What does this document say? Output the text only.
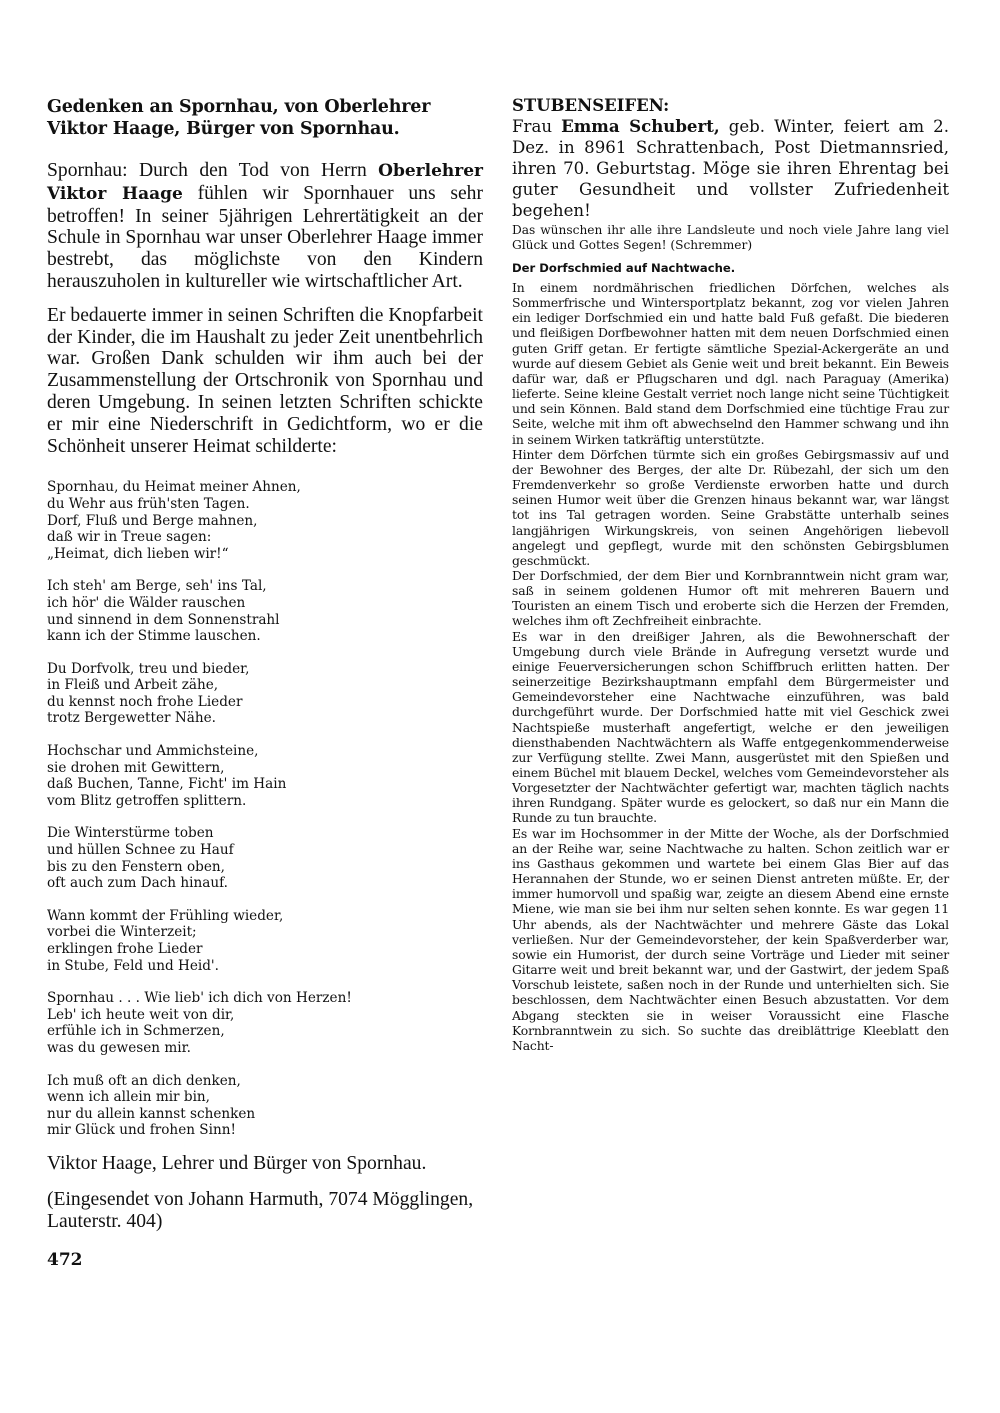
Gedenken an Spornhau, von Oberlehrer Viktor Haage, Bürger von Spornhau.

Spornhau: Durch den Tod von Herrn Oberlehrer Viktor Haage fühlen wir Spornhauer uns sehr betroffen! In seiner 5jährigen Lehrertätigkeit an der Schule in Spornhau war unser Oberlehrer Haage immer bestrebt, das möglichste von den Kindern herauszuholen in kultureller wie wirtschaftlicher Art.

Er bedauerte immer in seinen Schriften die Knopfarbeit der Kinder, die im Haushalt zu jeder Zeit unentbehrlich war. Großen Dank schulden wir ihm auch bei der Zusammenstellung der Ortschronik von Spornhau und deren Umgebung. In seinen letzten Schriften schickte er mir eine Niederschrift in Gedichtform, wo er die Schönheit unserer Heimat schilderte:

Spornhau, du Heimat meiner Ahnen,
du Wehr aus früh'sten Tagen.
Dorf, Fluß und Berge mahnen,
daß wir in Treue sagen:
„Heimat, dich lieben wir!“
Ich steh' am Berge, seh' ins Tal,
ich hör' die Wälder rauschen
und sinnend in dem Sonnenstrahl
kann ich der Stimme lauschen.
Du Dorfvolk, treu und bieder,
in Fleiß und Arbeit zähe,
du kennst noch frohe Lieder
trotz Bergewetter Nähe.
Hochschar und Ammichsteine,
sie drohen mit Gewittern,
daß Buchen, Tanne, Ficht' im Hain
vom Blitz getroffen splittern.
Die Winterstürme toben
und hüllen Schnee zu Hauf
bis zu den Fenstern oben,
oft auch zum Dach hinauf.
Wann kommt der Frühling wieder,
vorbei die Winterzeit;
erklingen frohe Lieder
in Stube, Feld und Heid'.
Spornhau . . . Wie lieb' ich dich von Herzen!
Leb' ich heute weit von dir,
erfühle ich in Schmerzen,
was du gewesen mir.
Ich muß oft an dich denken,
wenn ich allein mir bin,
nur du allein kannst schenken
mir Glück und frohen Sinn!

Viktor Haage, Lehrer und Bürger von Spornhau.

(Eingesendet von Johann Harmuth, 7074 Mögglingen, Lauterstr. 404)

472
STUBENSEIFEN:

Frau Emma Schubert, geb. Winter, feiert am 2. Dez. in 8961 Schrattenbach, Post Dietmannsried, ihren 70. Geburtstag. Möge sie ihren Ehrentag bei guter Gesundheit und vollster Zufriedenheit begehen!

Das wünschen ihr alle ihre Landsleute und noch viele Jahre lang viel Glück und Gottes Segen! (Schremmer)

Der Dorfschmied auf Nachtwache.
In einem nordmährischen friedlichen Dörfchen, welches als Sommerfrische und Wintersportplatz bekannt, zog vor vielen Jahren ein lediger Dorfschmied ein und hatte bald Fuß gefaßt. Die biederen und fleißigen Dorfbewohner hatten mit dem neuen Dorfschmied einen guten Griff getan. Er fertigte sämtliche Spezial-Ackergeräte an und wurde auf diesem Gebiet als Genie weit und breit bekannt. Ein Beweis dafür war, daß er Pflugscharen und dgl. nach Paraguay (Amerika) lieferte. Seine kleine Gestalt verriet noch lange nicht seine Tüchtigkeit und sein Können. Bald stand dem Dorfschmied eine tüchtige Frau zur Seite, welche mit ihm oft abwechselnd den Hammer schwang und ihn in seinem Wirken tatkräftig unterstützte.
Hinter dem Dörfchen türmte sich ein großes Gebirgsmassiv auf und der Bewohner des Berges, der alte Dr. Rübezahl, der sich um den Fremdenverkehr so große Verdienste erworben hatte und durch seinen Humor weit über die Grenzen hinaus bekannt war, war längst tot ins Tal getragen worden. Seine Grabstätte unterhalb seines langjährigen Wirkungskreis, von seinen Angehörigen liebevoll angelegt und gepflegt, wurde mit den schönsten Gebirgsblumen geschmückt.
Der Dorfschmied, der dem Bier und Kornbranntwein nicht gram war, saß in seinem goldenen Humor oft mit mehreren Bauern und Touristen an einem Tisch und eroberte sich die Herzen der Fremden, welches ihm oft Zechfreiheit einbrachte.
Es war in den dreißiger Jahren, als die Bewohnerschaft der Umgebung durch viele Brände in Aufregung versetzt wurde und einige Feuerversicherungen schon Schiffbruch erlitten hatten. Der seinerzeitige Bezirkshauptmann empfahl dem Bürgermeister und Gemeindevorsteher eine Nachtwache einzuführen, was bald durchgeführt wurde. Der Dorfschmied hatte mit viel Geschick zwei Nachtspieße musterhaft angefertigt, welche er den jeweiligen diensthabenden Nachtwächtern als Waffe entgegenkommenderweise zur Verfügung stellte. Zwei Mann, ausgerüstet mit den Spießen und einem Büchel mit blauem Deckel, welches vom Gemeindevorsteher als Vorgesetzter der Nachtwächter gefertigt war, machten täglich nachts ihren Rundgang. Später wurde es gelockert, so daß nur ein Mann die Runde zu tun brauchte.
Es war im Hochsommer in der Mitte der Woche, als der Dorfschmied an der Reihe war, seine Nachtwache zu halten. Schon zeitlich war er ins Gasthaus gekommen und wartete bei einem Glas Bier auf das Herannahen der Stunde, wo er seinen Dienst antreten müßte. Er, der immer humorvoll und spaßig war, zeigte an diesem Abend eine ernste Miene, wie man sie bei ihm nur selten sehen konnte. Es war gegen 11 Uhr abends, als der Nachtwächter und mehrere Gäste das Lokal verließen. Nur der Gemeindevorsteher, der kein Spaßverderber war, sowie ein Humorist, der durch seine Vorträge und Lieder mit seiner Gitarre weit und breit bekannt war, und der Gastwirt, der jedem Spaß Vorschub leistete, saßen noch in der Runde und unterhielten sich. Sie beschlossen, dem Nachtwächter einen Besuch abzustatten. Vor dem Abgang steckten sie in weiser Voraussicht eine Flasche Kornbranntwein zu sich. So suchte das dreiblättrige Kleeblatt den Nacht-
